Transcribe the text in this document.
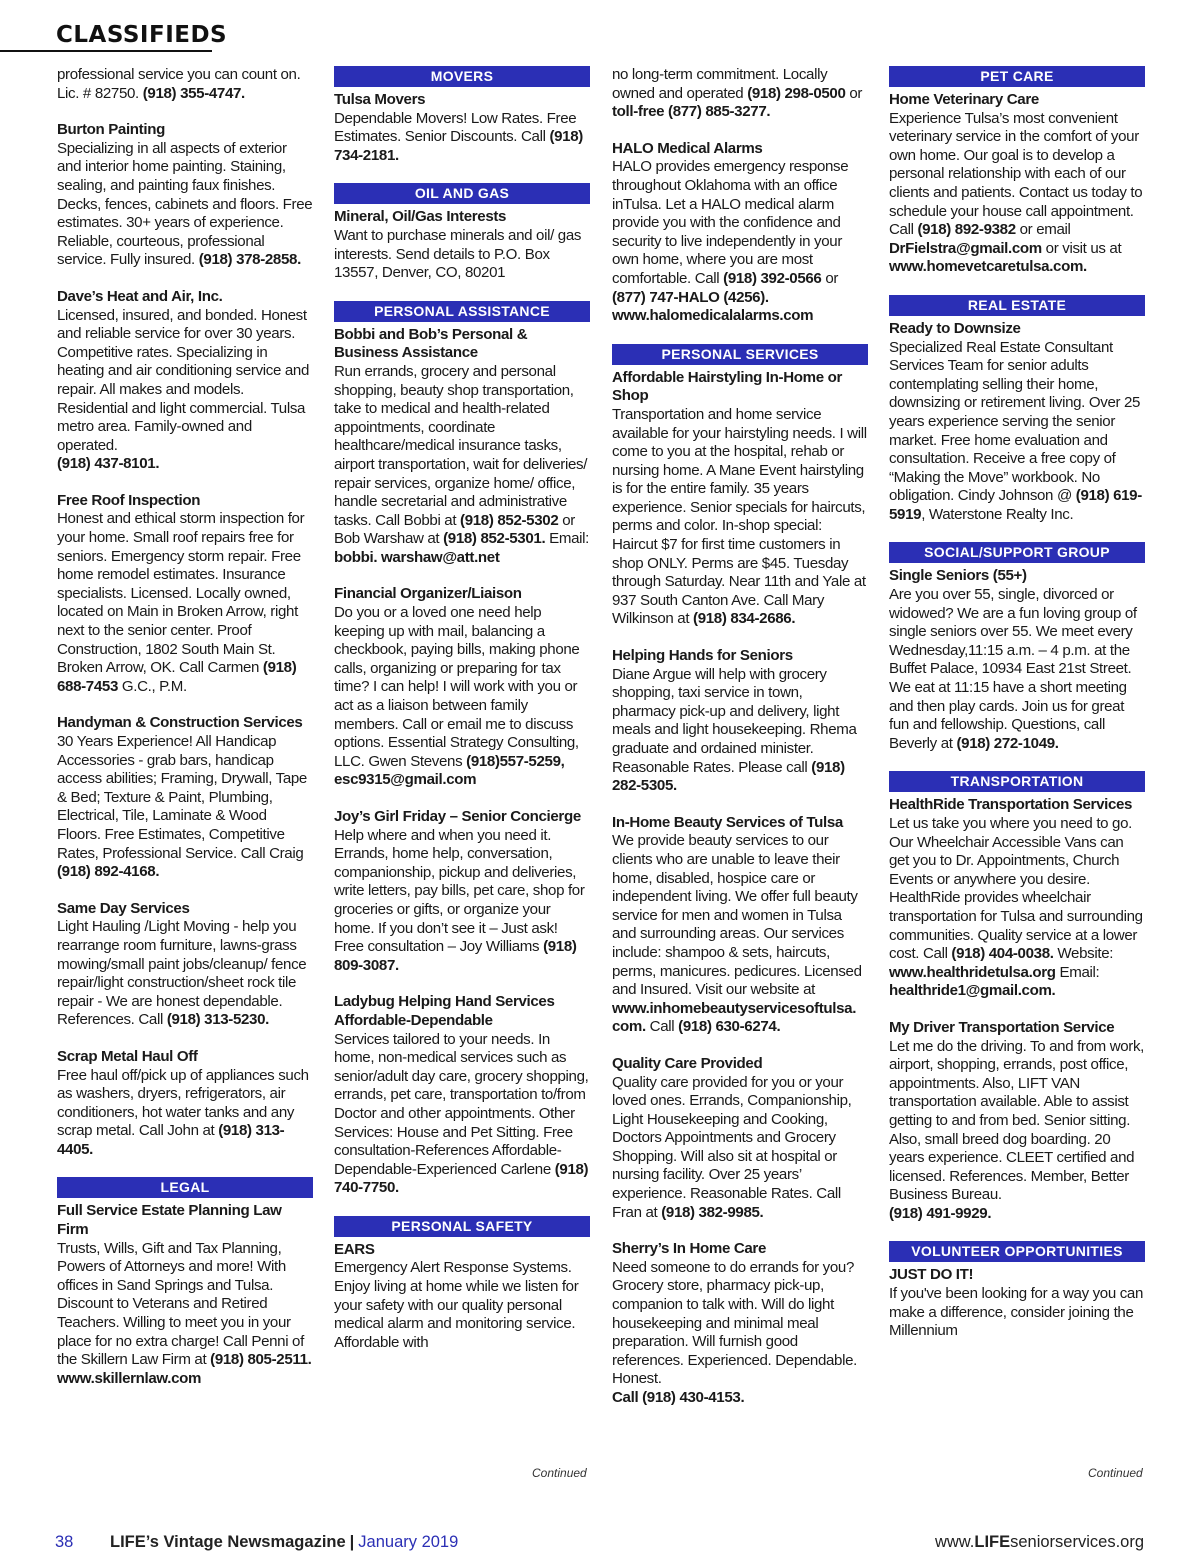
CLASSIFIEDS
professional service you can count on. Lic. # 82750. (918) 355-4747.
Burton Painting
Specializing in all aspects of exterior and interior home painting. Staining, sealing, and painting faux finishes. Decks, fences, cabinets and floors. Free estimates. 30+ years of experience. Reliable, courteous, professional service. Fully insured. (918) 378-2858.
Dave’s Heat and Air, Inc.
Licensed, insured, and bonded. Honest and reliable service for over 30 years. Competitive rates. Specializing in heating and air conditioning service and repair. All makes and models. Residential and light commercial. Tulsa metro area. Family-owned and operated.
(918) 437-8101.
Free Roof Inspection
Honest and ethical storm inspection for your home. Small roof repairs free for seniors. Emergency storm repair. Free home remodel estimates. Insurance specialists. Licensed. Locally owned, located on Main in Broken Arrow, right next to the senior center. Proof Construction, 1802 South Main St. Broken Arrow, OK. Call Carmen (918) 688-7453 G.C., P.M.
Handyman & Construction Services
30 Years Experience! All Handicap Accessories - grab bars, handicap access abilities; Framing, Drywall, Tape & Bed; Texture & Paint, Plumbing, Electrical, Tile, Laminate & Wood Floors. Free Estimates, Competitive Rates, Professional Service. Call Craig (918) 892-4168.
Same Day Services
Light Hauling /Light Moving - help you rearrange room furniture, lawns-grass mowing/small paint jobs/cleanup/ fence repair/light construction/sheet rock tile repair - We are honest dependable. References. Call (918) 313-5230.
Scrap Metal Haul Off
Free haul off/pick up of appliances such as washers, dryers, refrigerators, air conditioners, hot water tanks and any scrap metal. Call John at (918) 313-4405.
LEGAL
Full Service Estate Planning Law Firm
Trusts, Wills, Gift and Tax Planning, Powers of Attorneys and more! With offices in Sand Springs and Tulsa. Discount to Veterans and Retired Teachers. Willing to meet you in your place for no extra charge! Call Penni of the Skillern Law Firm at (918) 805-2511.
www.skillernlaw.com
MOVERS
Tulsa Movers
Dependable Movers! Low Rates. Free Estimates. Senior Discounts. Call (918) 734-2181.
OIL AND GAS
Mineral, Oil/Gas Interests
Want to purchase minerals and oil/ gas interests. Send details to P.O. Box 13557, Denver, CO, 80201
PERSONAL ASSISTANCE
Bobbi and Bob’s Personal & Business Assistance
Run errands, grocery and personal shopping, beauty shop transportation, take to medical and health-related appointments, coordinate healthcare/medical insurance tasks, airport transportation, wait for deliveries/ repair services, organize home/ office, handle secretarial and administrative tasks. Call Bobbi at (918) 852-5302 or Bob Warshaw at (918) 852-5301. Email: bobbi. warshaw@att.net
Financial Organizer/Liaison
Do you or a loved one need help keeping up with mail, balancing a checkbook, paying bills, making phone calls, organizing or preparing for tax time? I can help! I will work with you or act as a liaison between family members. Call or email me to discuss options. Essential Strategy Consulting, LLC. Gwen Stevens (918)557-5259, esc9315@gmail.com
Joy’s Girl Friday – Senior Concierge
Help where and when you need it. Errands, home help, conversation, companionship, pickup and deliveries, write letters, pay bills, pet care, shop for groceries or gifts, or organize your home. If you don’t see it – Just ask! Free consultation – Joy Williams (918) 809-3087.
Ladybug Helping Hand Services Affordable-Dependable
Services tailored to your needs. In home, non-medical services such as senior/adult day care, grocery shopping, errands, pet care, transportation to/from Doctor and other appointments. Other Services: House and Pet Sitting. Free consultation-References Affordable-Dependable-Experienced Carlene (918) 740-7750.
PERSONAL SAFETY
EARS
Emergency Alert Response Systems. Enjoy living at home while we listen for your safety with our quality personal medical alarm and monitoring service. Affordable with
no long-term commitment. Locally owned and operated (918) 298-0500 or toll-free (877) 885-3277.
HALO Medical Alarms
HALO provides emergency response throughout Oklahoma with an office inTulsa. Let a HALO medical alarm provide you with the confidence and security to live independently in your own home, where you are most comfortable. Call (918) 392-0566 or (877) 747-HALO (4256).
www.halomedicalalarms.com
PERSONAL SERVICES
Affordable Hairstyling In-Home or Shop
Transportation and home service available for your hairstyling needs. I will come to you at the hospital, rehab or nursing home. A Mane Event hairstyling is for the entire family. 35 years experience. Senior specials for haircuts, perms and color. In-shop special: Haircut $7 for first time customers in shop ONLY. Perms are $45. Tuesday through Saturday. Near 11th and Yale at 937 South Canton Ave. Call Mary Wilkinson at (918) 834-2686.
Helping Hands for Seniors
Diane Argue will help with grocery shopping, taxi service in town, pharmacy pick-up and delivery, light meals and light housekeeping. Rhema graduate and ordained minister. Reasonable Rates. Please call (918) 282-5305.
In-Home Beauty Services of Tulsa
We provide beauty services to our clients who are unable to leave their home, disabled, hospice care or independent living. We offer full beauty service for men and women in Tulsa and surrounding areas. Our services include: shampoo & sets, haircuts, perms, manicures. pedicures. Licensed and Insured. Visit our website at www.inhomebeautyservicesoftulsa. com. Call (918) 630-6274.
Quality Care Provided
Quality care provided for you or your loved ones. Errands, Companionship, Light Housekeeping and Cooking, Doctors Appointments and Grocery Shopping. Will also sit at hospital or nursing facility. Over 25 years’ experience. Reasonable Rates. Call Fran at (918) 382-9985.
Sherry’s In Home Care
Need someone to do errands for you? Grocery store, pharmacy pick-up, companion to talk with. Will do light housekeeping and minimal meal preparation. Will furnish good references. Experienced. Dependable. Honest.
Call (918) 430-4153.
PET CARE
Home Veterinary Care
Experience Tulsa’s most convenient veterinary service in the comfort of your own home. Our goal is to develop a personal relationship with each of our clients and patients. Contact us today to schedule your house call appointment. Call (918) 892-9382 or email DrFielstra@gmail.com or visit us at www.homevetcaretulsa.com.
REAL ESTATE
Ready to Downsize
Specialized Real Estate Consultant Services Team for senior adults contemplating selling their home, downsizing or retirement living. Over 25 years experience serving the senior market. Free home evaluation and consultation. Receive a free copy of “Making the Move” workbook. No obligation. Cindy Johnson @ (918) 619-5919, Waterstone Realty Inc.
SOCIAL/SUPPORT GROUP
Single Seniors (55+)
Are you over 55, single, divorced or widowed? We are a fun loving group of single seniors over 55. We meet every Wednesday,11:15 a.m. – 4 p.m. at the Buffet Palace, 10934 East 21st Street. We eat at 11:15 have a short meeting and then play cards. Join us for great fun and fellowship. Questions, call Beverly at (918) 272-1049.
TRANSPORTATION
HealthRide Transportation Services
Let us take you where you need to go. Our Wheelchair Accessible Vans can get you to Dr. Appointments, Church Events or anywhere you desire. HealthRide provides wheelchair transportation for Tulsa and surrounding communities. Quality service at a lower cost. Call (918) 404-0038. Website: www.healthridetulsa.org Email: healthride1@gmail.com.
My Driver Transportation Service
Let me do the driving. To and from work, airport, shopping, errands, post office, appointments. Also, LIFT VAN transportation available. Able to assist getting to and from bed. Senior sitting. Also, small breed dog boarding. 20 years experience. CLEET certified and licensed. References. Member, Better Business Bureau.
(918) 491-9929.
VOLUNTEER OPPORTUNITIES
JUST DO IT!
If you've been looking for a way you can make a difference, consider joining the Millennium
Continued	Continued
38 LIFE’s Vintage Newsmagazine | January 2019	www.LIFEseniorservices.org
